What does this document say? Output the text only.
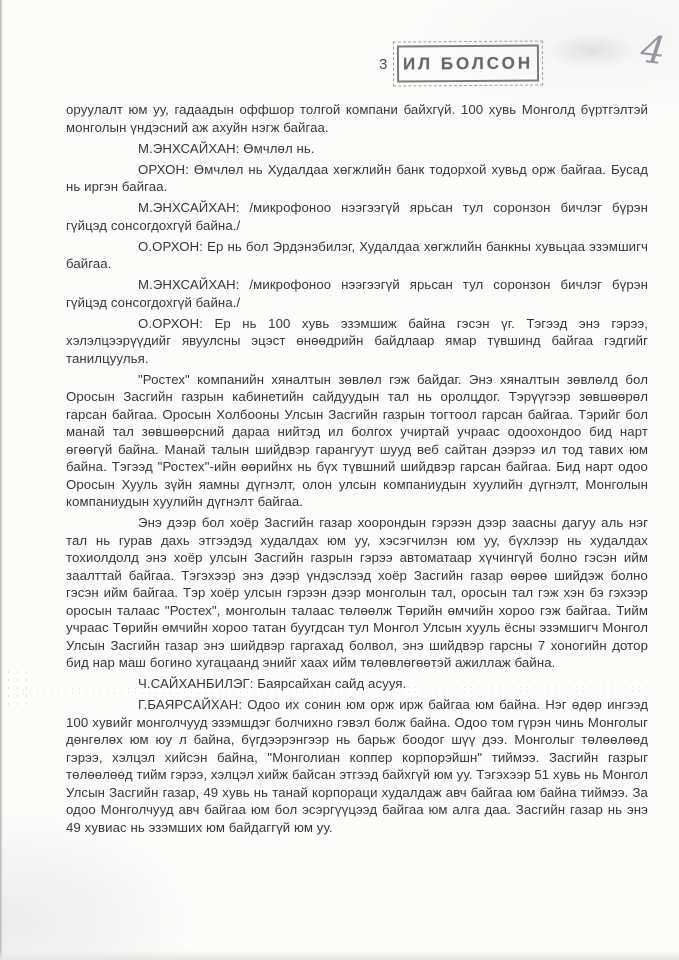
3 ИЛ БОЛСОН	4

оруулалт юм уу, гадаадын оффшор толгой компани байхгүй. 100 хувь Монголд бүртгэлтэй монголын үндэсний аж ахуйн нэгж байгаа.

М.ЭНХСАЙХАН: Өмчлөл нь.

ОРХОН: Өмчлөл нь Худалдаа хөгжлийн банк тодорхой хувьд орж байгаа. Бусад нь иргэн байгаа.

М.ЭНХСАЙХАН: /микрофоноо нээгээгүй ярьсан тул соронзон бичлэг бүрэн гүйцэд сонсогдохгүй байна./

О.ОРХОН: Ер нь бол Эрдэнэбилэг, Худалдаа хөгжлийн банкны хувьцаа эзэмшигч байгаа.

М.ЭНХСАЙХАН: /микрофоноо нээгээгүй ярьсан тул соронзон бичлэг бүрэн гүйцэд сонсогдохгүй байна./

О.ОРХОН: Ер нь 100 хувь эзэмшиж байна гэсэн үг. Тэгээд энэ гэрээ, хэлэлцээрүүдийг явуулсны эцэст өнөөдрийн байдлаар ямар түвшинд байгаа гэдгийг танилцуулья.

"Ростех" компанийн хяналтын зөвлөл гэж байдаг. Энэ хяналтын зөвлөлд бол Оросын Засгийн газрын кабинетийн сайдуудын тал нь оролцдог. Тэрүүгээр зөвшөөрөл гарсан байгаа. Оросын Холбооны Улсын Засгийн газрын тогтоол гарсан байгаа. Тэрийг бол манай тал зөвшөөрсний дараа нийтэд ил болгох учиртай учраас одоохондоо бид нарт өгөөгүй байна. Манай талын шийдвэр гарангуут шууд веб сайтан дээрээ ил тод тавих юм байна. Тэгээд "Ростех"-ийн өөрийнх нь бүх түвшний шийдвэр гарсан байгаа. Бид нарт одоо Оросын Хууль зүйн яамны дүгнэлт, олон улсын компаниудын хуулийн дүгнэлт, Монголын компаниудын хуулийн дүгнэлт байгаа.

Энэ дээр бол хоёр Засгийн газар хоорондын гэрээн дээр заасны дагуу аль нэг тал нь гурав дахь этгээдэд худалдах юм уу, хэсэгчилэн юм уу, бүхлээр нь худалдах тохиолдолд энэ хоёр улсын Засгийн газрын гэрээ автоматаар хүчингүй болно гэсэн ийм заалттай байгаа. Тэгэхээр энэ дээр үндэслээд хоёр Засгийн газар өөрөө шийдэж болно гэсэн ийм байгаа. Тэр хоёр улсын гэрээн дээр монголын тал, оросын тал гэж хэн бэ гэхээр оросын талаас "Ростех", монголын талаас төлөөлж Төрийн өмчийн хороо гэж байгаа. Тийм учраас Төрийн өмчийн хороо татан буугдсан тул Монгол Улсын хууль ёсны эзэмшигч Монгол Улсын Засгийн газар энэ шийдвэр гаргахад болвол, энэ шийдвэр гарсны 7 хоногийн дотор бид нар маш богино хугацаанд энийг хаах ийм төлөвлөгөөтэй ажиллаж байна.

Ч.САЙХАНБИЛЭГ: Баярсайхан сайд асууя.

Г.БАЯРСАЙХАН: Одоо их сонин юм орж ирж байгаа юм байна. Нэг өдөр ингээд 100 хувийг монголчууд эзэмшдэг болчихно гэвэл болж байна. Одоо том гүрэн чинь Монголыг дөнгөлөх юм юу л байна, бүгдээрэнгээр нь барьж боодог шүү дээ. Монголыг төлөөлөөд гэрээ, хэлцэл хийсэн байна, "Монголиан коппер корпорэйшн" тиймээ. Засгийн газрыг төлөөлөөд тийм гэрээ, хэлцэл хийж байсан этгээд байхгүй юм уу. Тэгэхээр 51 хувь нь Монгол Улсын Засгийн газар, 49 хувь нь танай корпораци худалдаж авч байгаа юм байна тиймээ. За одоо Монголчууд авч байгаа юм бол эсэргүүцээд байгаа юм алга даа. Засгийн газар нь энэ 49 хувиас нь эзэмших юм байдаггүй юм уу.
